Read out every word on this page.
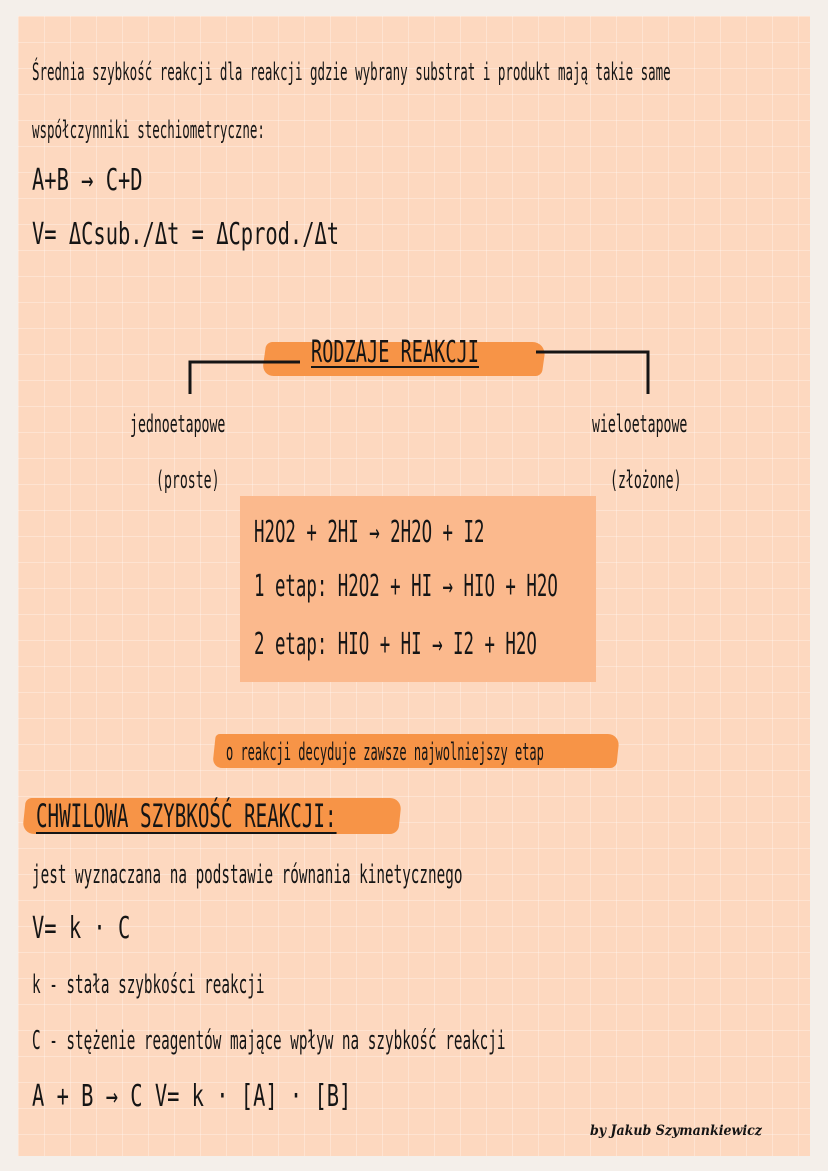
Średnia szybkość reakcji dla reakcji gdzie wybrany substrat i produkt mają takie same
współczynniki stechiometryczne:
A+B → C+D
V= ΔCsub./Δt = ΔCprod./Δt
RODZAJE REAKCJI
jednoetapowe
(proste)
wieloetapowe
(złożone)
H2O2 + 2HI → 2H2O + I2
1 etap: H2O2 + HI → HIO + H2O
2 etap: HIO + HI → I2 + H2O
o reakcji decyduje zawsze najwolniejszy etap
CHWILOWA SZYBKOŚĆ REAKCJI:
jest wyznaczana na podstawie równania kinetycznego
V= k · C
k - stała szybkości reakcji
C - stężenie reagentów mające wpływ na szybkość reakcji
A + B → C V= k · [A] · [B]
by Jakub Szymankiewicz
